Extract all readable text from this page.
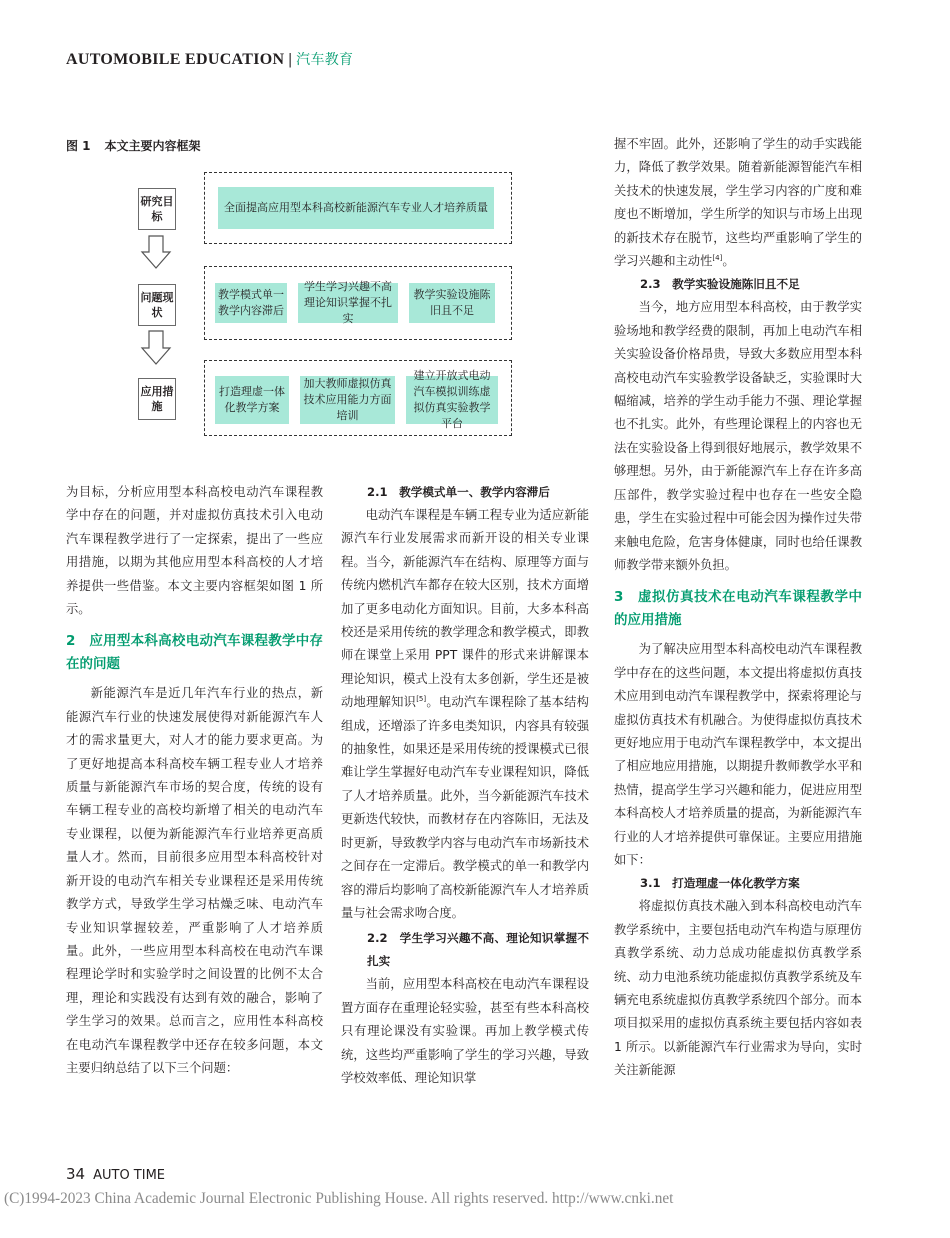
AUTOMOBILE EDUCATION | 汽车教育
图 1 本文主要内容框架
研究目标
问题现状
应用措施
全面提高应用型本科高校新能源汽车专业人才培养质量
教学模式单一教学内容滞后
学生学习兴趣不高理论知识掌握不扎实
教学实验设施陈旧且不足
打造理虚一体化教学方案
加大教师虚拟仿真技术应用能力方面培训
建立开放式电动汽车模拟训练虚拟仿真实验教学平台

为目标，分析应用型本科高校电动汽车课程教学中存在的问题，并对虚拟仿真技术引入电动汽车课程教学进行了一定探索，提出了一些应用措施，以期为其他应用型本科高校的人才培养提供一些借鉴。本文主要内容框架如图 1 所示。

2　应用型本科高校电动汽车课程教学中存在的问题

新能源汽车是近几年汽车行业的热点，新能源汽车行业的快速发展使得对新能源汽车人才的需求量更大，对人才的能力要求更高。为了更好地提高本科高校车辆工程专业人才培养质量与新能源汽车市场的契合度，传统的设有车辆工程专业的高校均新增了相关的电动汽车专业课程，以便为新能源汽车行业培养更高质量人才。然而，目前很多应用型本科高校针对新开设的电动汽车相关专业课程还是采用传统教学方式，导致学生学习枯燥乏味、电动汽车专业知识掌握较差，严重影响了人才培养质量。此外，一些应用型本科高校在电动汽车课程理论学时和实验学时之间设置的比例不太合理，理论和实践没有达到有效的融合，影响了学生学习的效果。总而言之，应用性本科高校在电动汽车课程教学中还存在较多问题，本文主要归纳总结了以下三个问题：

2.1　教学模式单一、教学内容滞后

电动汽车课程是车辆工程专业为适应新能源汽车行业发展需求而新开设的相关专业课程。当今，新能源汽车在结构、原理等方面与传统内燃机汽车都存在较大区别，技术方面增加了更多电动化方面知识。目前，大多本科高校还是采用传统的教学理念和教学模式，即教师在课堂上采用 PPT 课件的形式来讲解课本理论知识，模式上没有太多创新，学生还是被动地理解知识[5]。电动汽车课程除了基本结构组成，还增添了许多电类知识，内容具有较强的抽象性，如果还是采用传统的授课模式已很难让学生掌握好电动汽车专业课程知识，降低了人才培养质量。此外，当今新能源汽车技术更新迭代较快，而教材存在内容陈旧，无法及时更新，导致教学内容与电动汽车市场新技术之间存在一定滞后。教学模式的单一和教学内容的滞后均影响了高校新能源汽车人才培养质量与社会需求吻合度。

2.2　学生学习兴趣不高、理论知识掌握不扎实

当前，应用型本科高校在电动汽车课程设置方面存在重理论轻实验，甚至有些本科高校只有理论课没有实验课。再加上教学模式传统，这些均严重影响了学生的学习兴趣，导致学校效率低、理论知识掌

握不牢固。此外，还影响了学生的动手实践能力，降低了教学效果。随着新能源智能汽车相关技术的快速发展，学生学习内容的广度和难度也不断增加，学生所学的知识与市场上出现的新技术存在脱节，这些均严重影响了学生的学习兴趣和主动性[4]。

2.3　教学实验设施陈旧且不足

当今，地方应用型本科高校，由于教学实验场地和教学经费的限制，再加上电动汽车相关实验设备价格昂贵，导致大多数应用型本科高校电动汽车实验教学设备缺乏，实验课时大幅缩减，培养的学生动手能力不强、理论掌握也不扎实。此外，有些理论课程上的内容也无法在实验设备上得到很好地展示，教学效果不够理想。另外，由于新能源汽车上存在许多高压部件，教学实验过程中也存在一些安全隐患，学生在实验过程中可能会因为操作过失带来触电危险，危害身体健康，同时也给任课教师教学带来额外负担。

3　虚拟仿真技术在电动汽车课程教学中的应用措施

为了解决应用型本科高校电动汽车课程教学中存在的这些问题，本文提出将虚拟仿真技术应用到电动汽车课程教学中，探索将理论与虚拟仿真技术有机融合。为使得虚拟仿真技术更好地应用于电动汽车课程教学中，本文提出了相应地应用措施，以期提升教师教学水平和热情，提高学生学习兴趣和能力，促进应用型本科高校人才培养质量的提高，为新能源汽车行业的人才培养提供可靠保证。主要应用措施如下：

3.1　打造理虚一体化教学方案

将虚拟仿真技术融入到本科高校电动汽车教学系统中，主要包括电动汽车构造与原理仿真教学系统、动力总成功能虚拟仿真教学系统、动力电池系统功能虚拟仿真教学系统及车辆充电系统虚拟仿真教学系统四个部分。而本项目拟采用的虚拟仿真系统主要包括内容如表 1 所示。以新能源汽车行业需求为导向，实时关注新能源

34 AUTO TIME
(C)1994-2023 China Academic Journal Electronic Publishing House. All rights reserved. http://www.cnki.net
